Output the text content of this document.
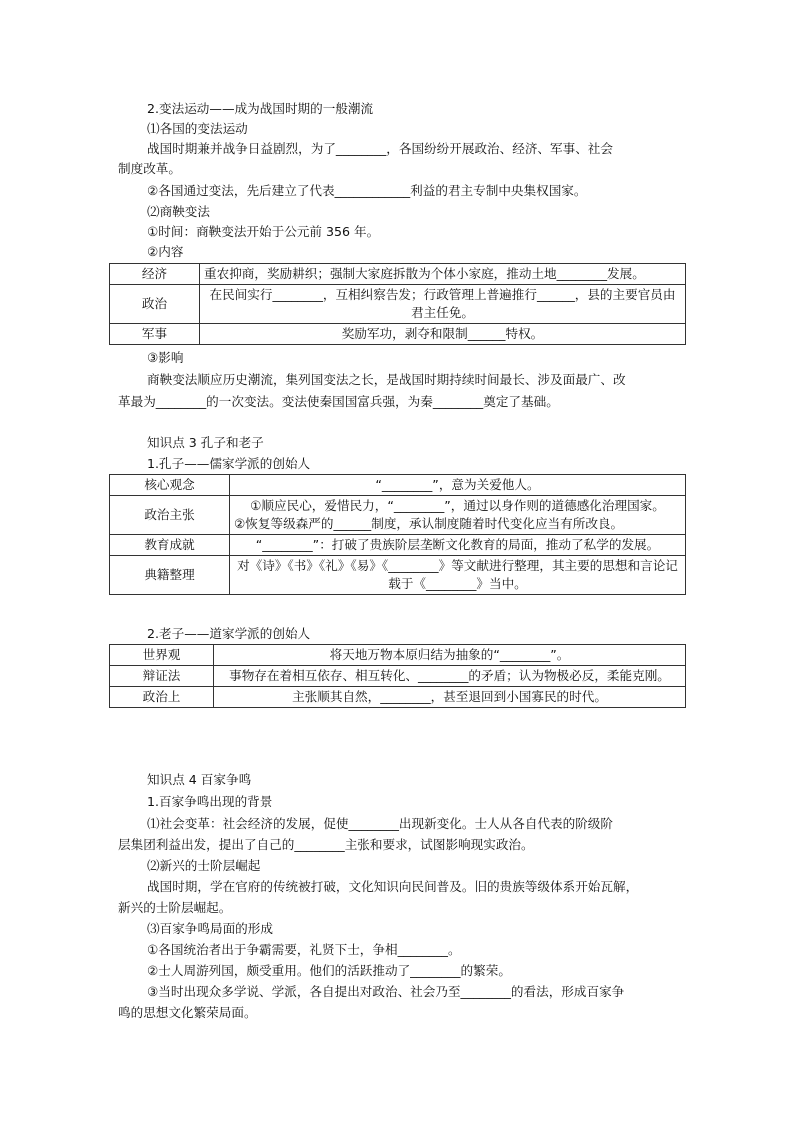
2.变法运动——成为战国时期的一般潮流
⑴各国的变法运动
战国时期兼并战争日益剧烈，为了________，各国纷纷开展政治、经济、军事、社会
制度改革。
②各国通过变法，先后建立了代表____________利益的君主专制中央集权国家。
⑵商鞅变法
①时间：商鞅变法开始于公元前 356 年。
②内容
经济	重农抑商，奖励耕织；强制大家庭拆散为个体小家庭，推动土地________发展。
政治	在民间实行________，互相纠察告发；行政管理上普遍推行______，县的主要官员由君主任免。
军事	奖励军功，剥夺和限制______特权。
③影响
商鞅变法顺应历史潮流，集列国变法之长，是战国时期持续时间最长、涉及面最广、改
革最为________的一次变法。变法使秦国国富兵强，为秦________奠定了基础。
知识点 3 孔子和老子
1.孔子——儒家学派的创始人
核心观念	“________”，意为关爱他人。
政治主张	①顺应民心，爱惜民力，“________”，通过以身作则的道德感化治理国家。
②恢复等级森严的______制度，承认制度随着时代变化应当有所改良。

教育成就	“________”：打破了贵族阶层垄断文化教育的局面，推动了私学的发展。
典籍整理	对《诗》《书》《礼》《易》《________》等文献进行整理，其主要的思想和言论记载于《________》当中。
2.老子——道家学派的创始人
世界观	将天地万物本原归结为抽象的“________”。
辩证法	事物存在着相互依存、相互转化、________的矛盾；认为物极必反，柔能克刚。
政治上	主张顺其自然，________，甚至退回到小国寡民的时代。
知识点 4 百家争鸣
1.百家争鸣出现的背景
⑴社会变革：社会经济的发展，促使________出现新变化。士人从各自代表的阶级阶
层集团利益出发，提出了自己的________主张和要求，试图影响现实政治。
⑵新兴的士阶层崛起
战国时期，学在官府的传统被打破，文化知识向民间普及。旧的贵族等级体系开始瓦解，
新兴的士阶层崛起。
⑶百家争鸣局面的形成
①各国统治者出于争霸需要，礼贤下士，争相________。
②士人周游列国，颇受重用。他们的活跃推动了________的繁荣。
③当时出现众多学说、学派，各自提出对政治、社会乃至________的看法，形成百家争
鸣的思想文化繁荣局面。
